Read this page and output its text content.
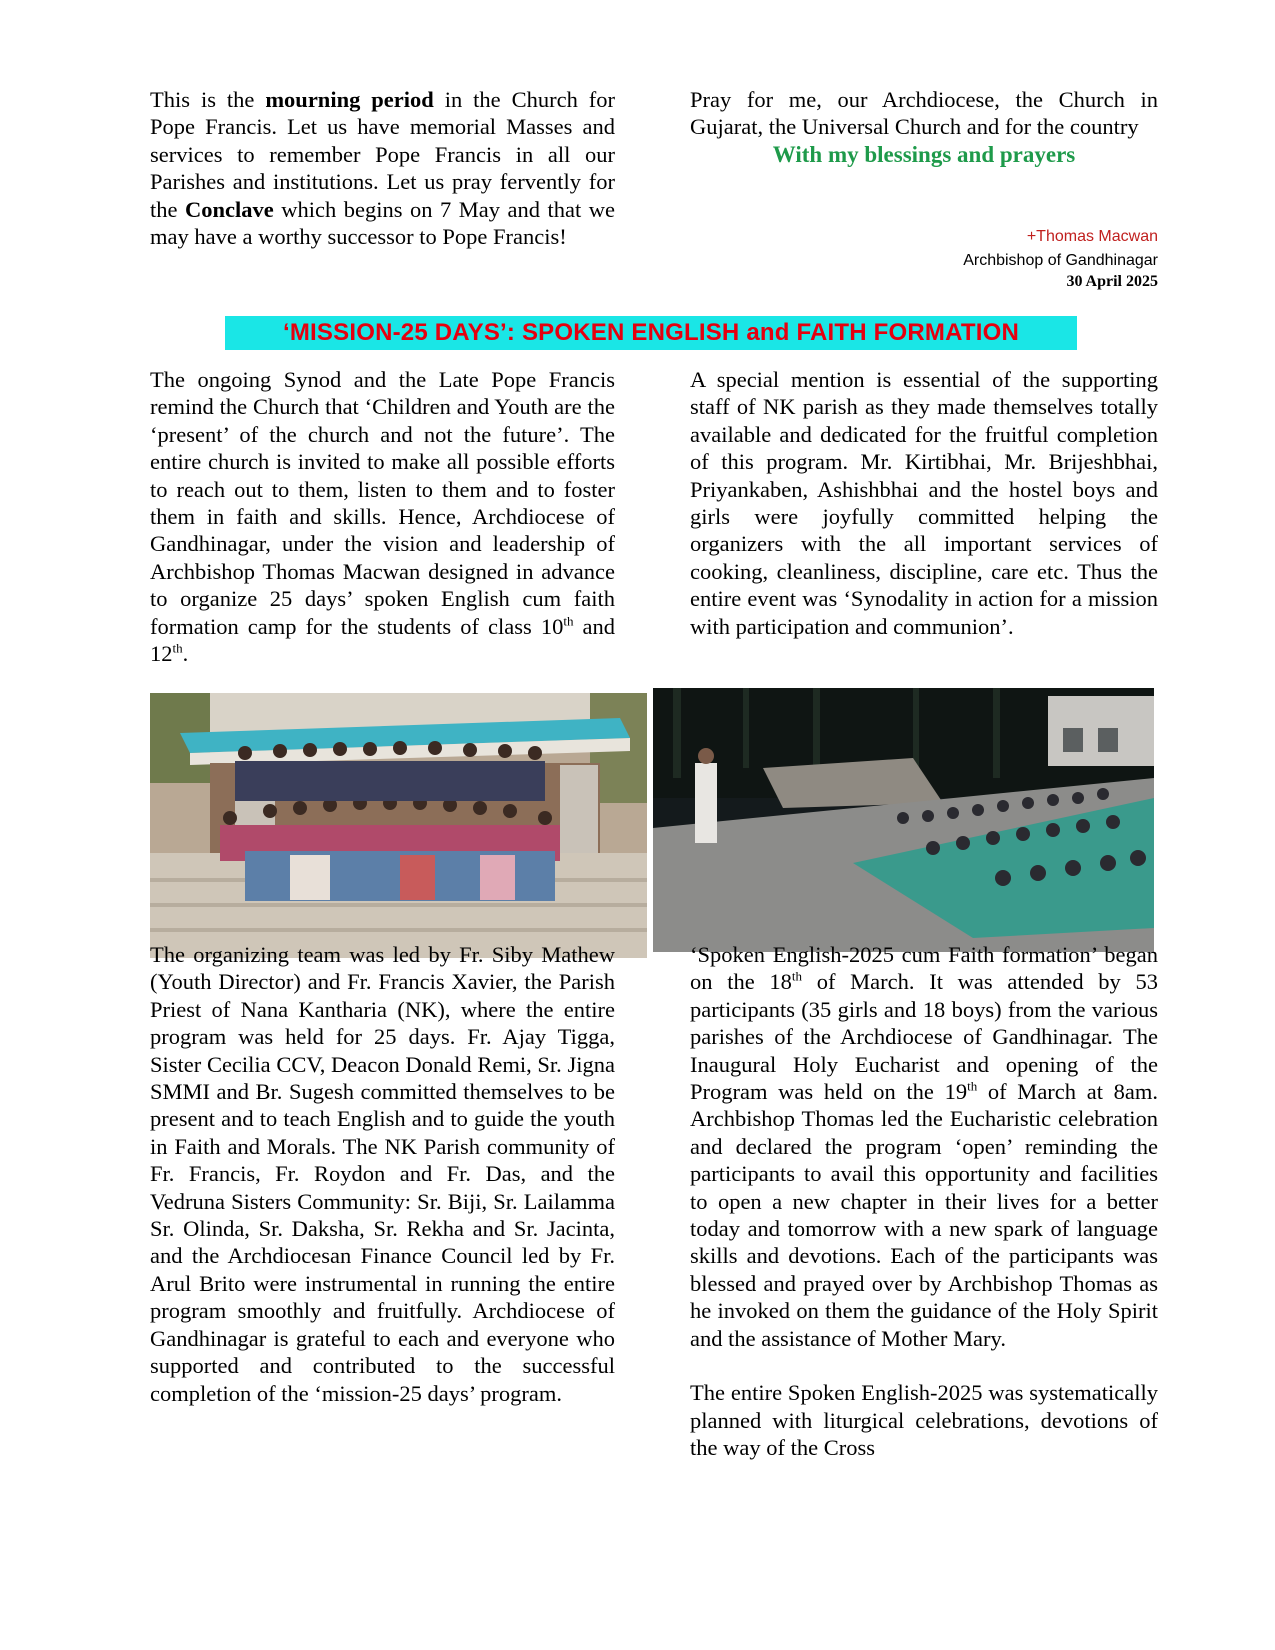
This is the mourning period in the Church for Pope Francis. Let us have memorial Masses and services to remember Pope Francis in all our Parishes and institutions. Let us pray fervently for the Conclave which begins on 7 May and that we may have a worthy successor to Pope Francis!

Pray for me, our Archdiocese, the Church in Gujarat, the Universal Church and for the country

With my blessings and prayers

+Thomas Macwan
Archbishop of Gandhinagar
30 April 2025
‘MISSION-25 DAYS’: SPOKEN ENGLISH and FAITH FORMATION

The ongoing Synod and the Late Pope Francis remind the Church that ‘Children and Youth are the ‘present’ of the church and not the future’. The entire church is invited to make all possible efforts to reach out to them, listen to them and to foster them in faith and skills. Hence, Archdiocese of Gandhinagar, under the vision and leadership of Archbishop Thomas Macwan designed in advance to organize 25 days’ spoken English cum faith formation camp for the students of class 10th and 12th.

A special mention is essential of the supporting staff of NK parish as they made themselves totally available and dedicated for the fruitful completion of this program. Mr. Kirtibhai, Mr. Brijeshbhai, Priyankaben, Ashishbhai and the hostel boys and girls were joyfully committed helping the organizers with the all important services of cooking, cleanliness, discipline, care etc. Thus the entire event was ‘Synodality in action for a mission with participation and communion’.

The organizing team was led by Fr. Siby Mathew (Youth Director) and Fr. Francis Xavier, the Parish Priest of Nana Kantharia (NK), where the entire program was held for 25 days. Fr. Ajay Tigga, Sister Cecilia CCV, Deacon Donald Remi, Sr. Jigna SMMI and Br. Sugesh committed themselves to be present and to teach English and to guide the youth in Faith and Morals. The NK Parish community of Fr. Francis, Fr. Roydon and Fr. Das, and the Vedruna Sisters Community: Sr. Biji, Sr. Lailamma Sr. Olinda, Sr. Daksha, Sr. Rekha and Sr. Jacinta, and the Archdiocesan Finance Council led by Fr. Arul Brito were instrumental in running the entire program smoothly and fruitfully. Archdiocese of Gandhinagar is grateful to each and everyone who supported and contributed to the successful completion of the ‘mission-25 days’ program.

‘Spoken English-2025 cum Faith formation’ began on the 18th of March. It was attended by 53 participants (35 girls and 18 boys) from the various parishes of the Archdiocese of Gandhinagar. The Inaugural Holy Eucharist and opening of the Program was held on the 19th of March at 8am. Archbishop Thomas led the Eucharistic celebration and declared the program ‘open’ reminding the participants to avail this opportunity and facilities to open a new chapter in their lives for a better today and tomorrow with a new spark of language skills and devotions. Each of the participants was blessed and prayed over by Archbishop Thomas as he invoked on them the guidance of the Holy Spirit and the assistance of Mother Mary.

The entire Spoken English-2025 was systematically planned with liturgical celebrations, devotions of the way of the Cross
